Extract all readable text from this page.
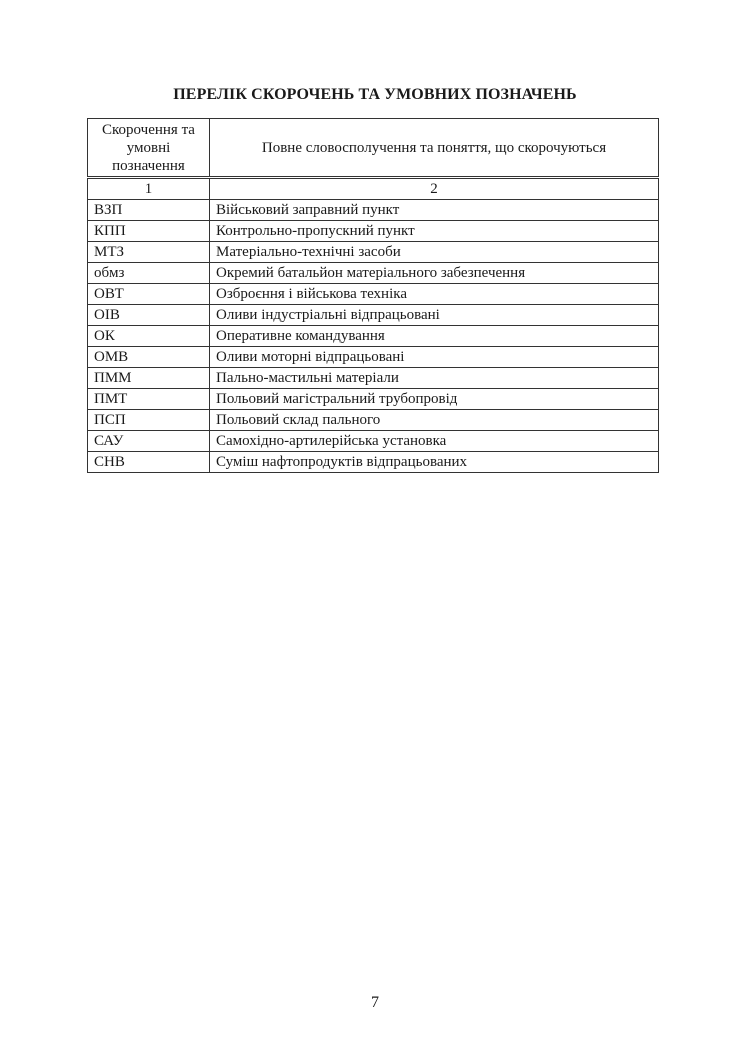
ПЕРЕЛІК СКОРОЧЕНЬ ТА УМОВНИХ ПОЗНАЧЕНЬ
Скорочення та умовні позначення	Повне словосполучення та поняття, що скорочуються
1	2
ВЗП	Військовий заправний пункт
КПП	Контрольно-пропускний пункт
МТЗ	Матеріально-технічні засоби
обмз	Окремий батальйон матеріального забезпечення
ОВТ	Озброєння і військова техніка
ОІВ	Оливи індустріальні відпрацьовані
ОК	Оперативне командування
ОМВ	Оливи моторні відпрацьовані
ПММ	Пально-мастильні матеріали
ПМТ	Польовий магістральний трубопровід
ПСП	Польовий склад пального
САУ	Самохідно-артилерійська установка
СНВ	Суміш нафтопродуктів відпрацьованих
7
